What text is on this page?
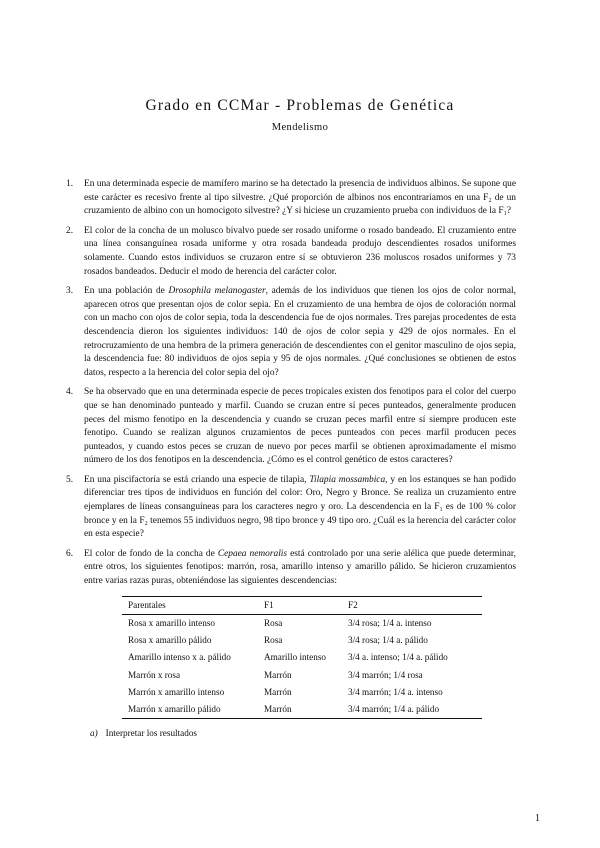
Grado en CCMar - Problemas de Genética
Mendelismo
1. En una determinada especie de mamífero marino se ha detectado la presencia de individuos albinos. Se supone que este carácter es recesivo frente al tipo silvestre. ¿Qué proporción de albinos nos encontraríamos en una F₂ de un cruzamiento de albino con un homocigoto silvestre? ¿Y si hiciese un cruzamiento prueba con individuos de la F₁?
2. El color de la concha de un molusco bivalvo puede ser rosado uniforme o rosado bandeado. El cruzamiento entre una línea consanguínea rosada uniforme y otra rosada bandeada produjo descendientes rosados uniformes solamente. Cuando estos individuos se cruzaron entre sí se obtuvieron 236 moluscos rosados uniformes y 73 rosados bandeados. Deducir el modo de herencia del carácter color.
3. En una población de Drosophila melanogaster, además de los individuos que tienen los ojos de color normal, aparecen otros que presentan ojos de color sepia. En el cruzamiento de una hembra de ojos de coloración normal con un macho con ojos de color sepia, toda la descendencia fue de ojos normales. Tres parejas procedentes de esta descendencia dieron los siguientes individuos: 140 de ojos de color sepia y 429 de ojos normales. En el retrocruzamiento de una hembra de la primera generación de descendientes con el genitor masculino de ojos sepia, la descendencia fue: 80 individuos de ojos sepia y 95 de ojos normales. ¿Qué conclusiones se obtienen de estos datos, respecto a la herencia del color sepia del ojo?
4. Se ha observado que en una determinada especie de peces tropicales existen dos fenotipos para el color del cuerpo que se han denominado punteado y marfil. Cuando se cruzan entre sí peces punteados, generalmente producen peces del mismo fenotipo en la descendencia y cuando se cruzan peces marfil entre sí siempre producen este fenotipo. Cuando se realizan algunos cruzamientos de peces punteados con peces marfil producen peces punteados, y cuando estos peces se cruzan de nuevo por peces marfil se obtienen aproximadamente el mismo número de los dos fenotipos en la descendencia. ¿Cómo es el control genético de estos caracteres?
5. En una piscifactoría se está criando una especie de tilapia, Tilapia mossambica, y en los estanques se han podido diferenciar tres tipos de individuos en función del color: Oro, Negro y Bronce. Se realiza un cruzamiento entre ejemplares de líneas consanguíneas para los caracteres negro y oro. La descendencia en la F₁ es de 100 % color bronce y en la F₂ tenemos 55 individuos negro, 98 tipo bronce y 49 tipo oro. ¿Cuál es la herencia del carácter color en esta especie?
6. El color de fondo de la concha de Cepaea nemoralis está controlado por una serie alélica que puede determinar, entre otros, los siguientes fenotipos: marrón, rosa, amarillo intenso y amarillo pálido. Se hicieron cruzamientos entre varias razas puras, obteniéndose las siguientes descendencias:
Parentales	F1	F2
Rosa x amarillo intenso	Rosa	3/4 rosa; 1/4 a. intenso
Rosa x amarillo pálido	Rosa	3/4 rosa; 1/4 a. pálido
Amarillo intenso x a. pálido	Amarillo intenso	3/4 a. intenso; 1/4 a. pálido
Marrón x rosa	Marrón	3/4 marrón; 1/4 rosa
Marrón x amarillo intenso	Marrón	3/4 marrón; 1/4 a. intenso
Marrón x amarillo pálido	Marrón	3/4 marrón; 1/4 a. pálido
a) Interpretar los resultados
1
